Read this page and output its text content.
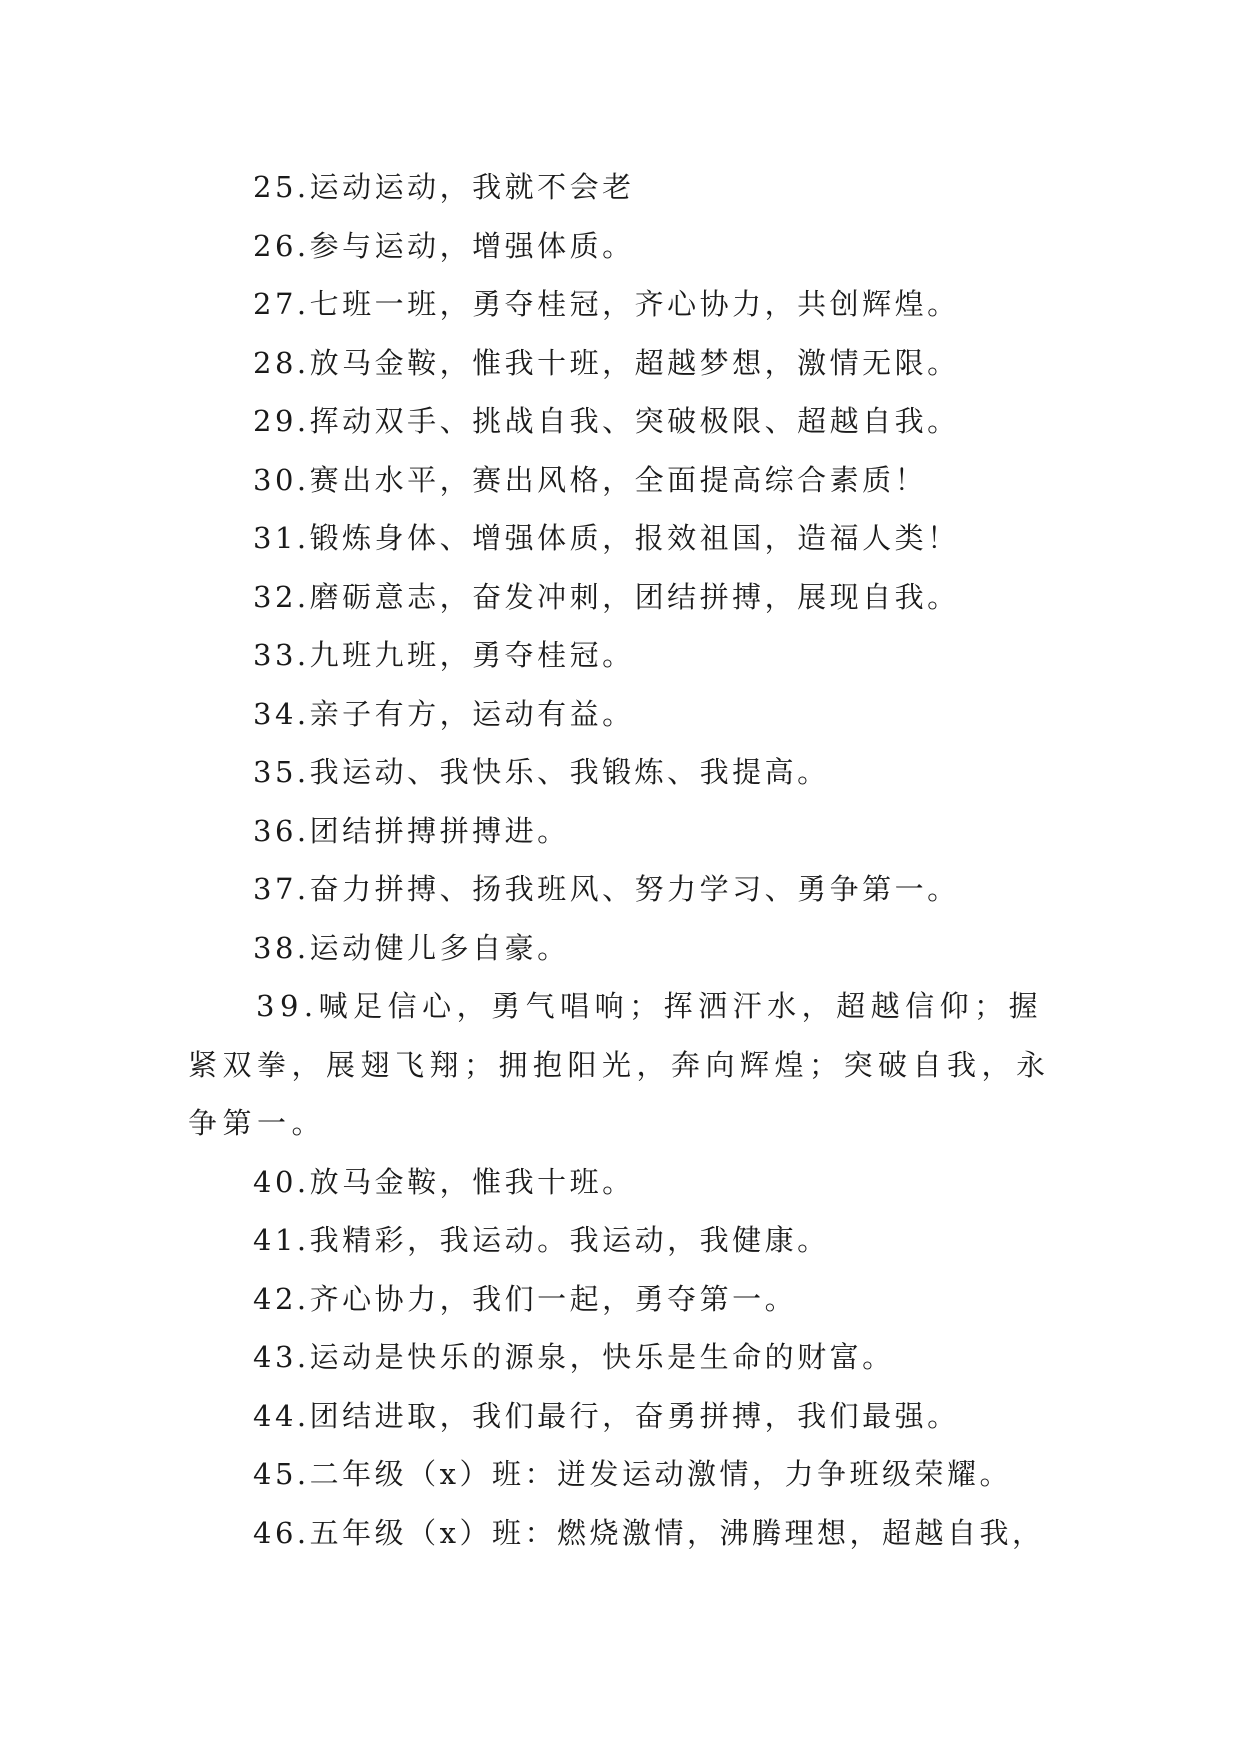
25.运动运动，我就不会老

26.参与运动，增强体质。

27.七班一班，勇夺桂冠，齐心协力，共创辉煌。

28.放马金鞍，惟我十班，超越梦想，激情无限。

29.挥动双手、挑战自我、突破极限、超越自我。

30.赛出水平，赛出风格，全面提高综合素质！

31.锻炼身体、增强体质，报效祖国，造福人类！

32.磨砺意志，奋发冲刺，团结拼搏，展现自我。

33.九班九班，勇夺桂冠。

34.亲子有方，运动有益。

35.我运动、我快乐、我锻炼、我提高。

36.团结拼搏拼搏进。

37.奋力拼搏、扬我班风、努力学习、勇争第一。

38.运动健儿多自豪。

39.喊足信心，勇气唱响；挥洒汗水，超越信仰；握紧双拳，展翅飞翔；拥抱阳光，奔向辉煌；突破自我，永争第一。

40.放马金鞍，惟我十班。

41.我精彩，我运动。我运动，我健康。

42.齐心协力，我们一起，勇夺第一。

43.运动是快乐的源泉，快乐是生命的财富。

44.团结进取，我们最行，奋勇拼搏，我们最强。

45.二年级（x）班：迸发运动激情，力争班级荣耀。

46.五年级（x）班：燃烧激情，沸腾理想，超越自我，
